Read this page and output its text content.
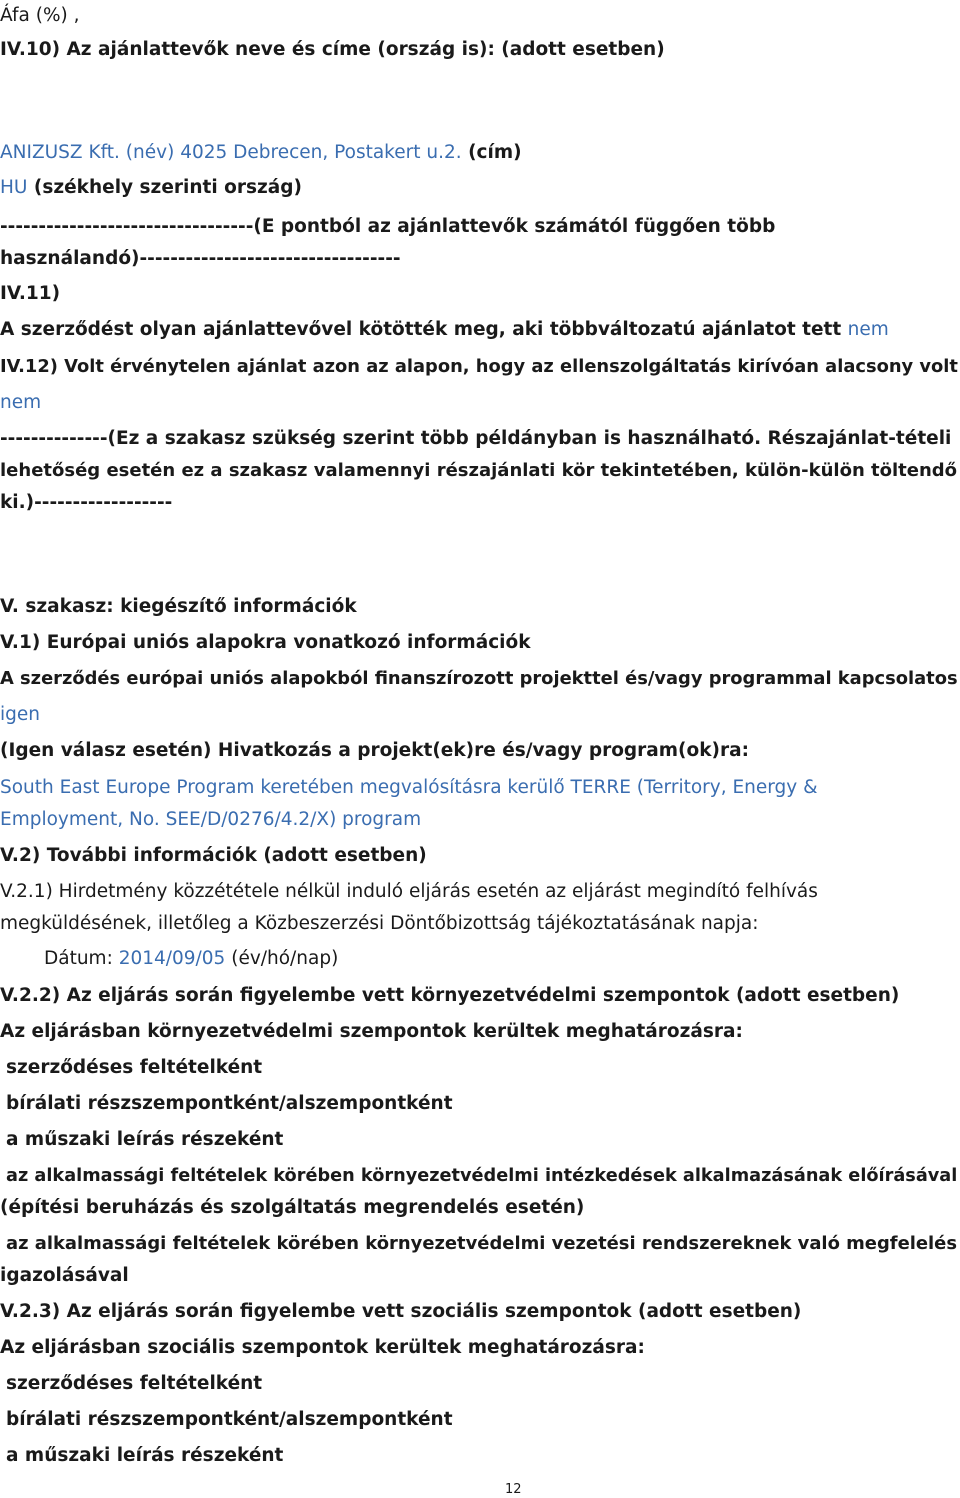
Áfa (%) ,
IV.10) Az ajánlattevők neve és címe (ország is): (adott esetben)
ANIZUSZ Kft. (név) 4025 Debrecen, Postakert u.2. (cím)
HU (székhely szerinti ország)
---------------------------------(E pontból az ajánlattevők számától függően több
használandó)----------------------------------
IV.11)
A szerződést olyan ajánlattevővel kötötték meg, aki többváltozatú ajánlatot tett nem
IV.12) Volt érvénytelen ajánlat azon az alapon, hogy az ellenszolgáltatás kirívóan alacsony volt
nem
--------------(Ez a szakasz szükség szerint több példányban is használható. Részajánlat-tételi
lehetőség esetén ez a szakasz valamennyi részajánlati kör tekintetében, külön-külön töltendő
ki.)------------------
V. szakasz: kiegészítő információk
V.1) Európai uniós alapokra vonatkozó információk
A szerződés európai uniós alapokból finanszírozott projekttel és/vagy programmal kapcsolatos
igen
(Igen válasz esetén) Hivatkozás a projekt(ek)re és/vagy program(ok)ra:
South East Europe Program keretében megvalósításra kerülő TERRE (Territory, Energy &
Employment, No. SEE/D/0276/4.2/X) program
V.2) További információk (adott esetben)
V.2.1) Hirdetmény közzététele nélkül induló eljárás esetén az eljárást megindító felhívás
megküldésének, illetőleg a Közbeszerzési Döntőbizottság tájékoztatásának napja:
Dátum: 2014/09/05 (év/hó/nap)
V.2.2) Az eljárás során figyelembe vett környezetvédelmi szempontok (adott esetben)
Az eljárásban környezetvédelmi szempontok kerültek meghatározásra:
szerződéses feltételként
bírálati részszempontként/alszempontként
a műszaki leírás részeként
az alkalmassági feltételek körében környezetvédelmi intézkedések alkalmazásának előírásával
(építési beruházás és szolgáltatás megrendelés esetén)
az alkalmassági feltételek körében környezetvédelmi vezetési rendszereknek való megfelelés
igazolásával
V.2.3) Az eljárás során figyelembe vett szociális szempontok (adott esetben)
Az eljárásban szociális szempontok kerültek meghatározásra:
szerződéses feltételként
bírálati részszempontként/alszempontként
a műszaki leírás részeként
12
